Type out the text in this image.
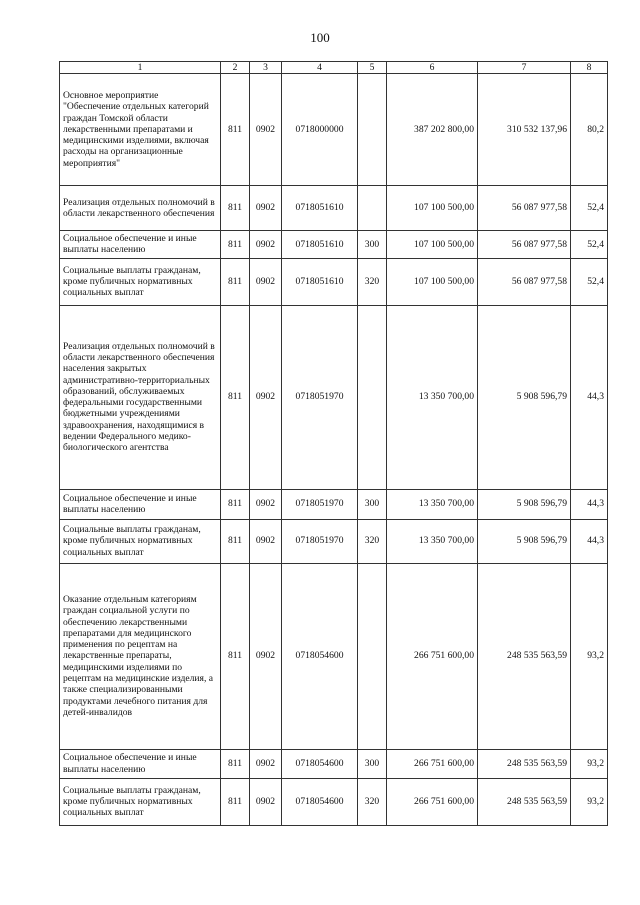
100
1	2	3	4	5	6	7	8
Основное мероприятие "Обеспечение отдельных категорий граждан Томской области лекарственными препаратами и медицинскими изделиями, включая расходы на организационные мероприятия"	811	0902	0718000000		387 202 800,00	310 532 137,96	80,2
Реализация отдельных полномочий в области лекарственного обеспечения	811	0902	0718051610		107 100 500,00	56 087 977,58	52,4
Социальное обеспечение и иные выплаты населению	811	0902	0718051610	300	107 100 500,00	56 087 977,58	52,4
Социальные выплаты гражданам, кроме публичных нормативных социальных выплат	811	0902	0718051610	320	107 100 500,00	56 087 977,58	52,4
Реализация отдельных полномочий в области лекарственного обеспечения населения закрытых административно-территориальных образований, обслуживаемых федеральными государственными бюджетными учреждениями здравоохранения, находящимися в ведении Федерального медико-биологического агентства	811	0902	0718051970		13 350 700,00	5 908 596,79	44,3
Социальное обеспечение и иные выплаты населению	811	0902	0718051970	300	13 350 700,00	5 908 596,79	44,3
Социальные выплаты гражданам, кроме публичных нормативных социальных выплат	811	0902	0718051970	320	13 350 700,00	5 908 596,79	44,3
Оказание отдельным категориям граждан социальной услуги по обеспечению лекарственными препаратами для медицинского применения по рецептам на лекарственные препараты, медицинскими изделиями по рецептам на медицинские изделия, а также специализированными продуктами лечебного питания для детей-инвалидов	811	0902	0718054600		266 751 600,00	248 535 563,59	93,2
Социальное обеспечение и иные выплаты населению	811	0902	0718054600	300	266 751 600,00	248 535 563,59	93,2
Социальные выплаты гражданам, кроме публичных нормативных социальных выплат	811	0902	0718054600	320	266 751 600,00	248 535 563,59	93,2
